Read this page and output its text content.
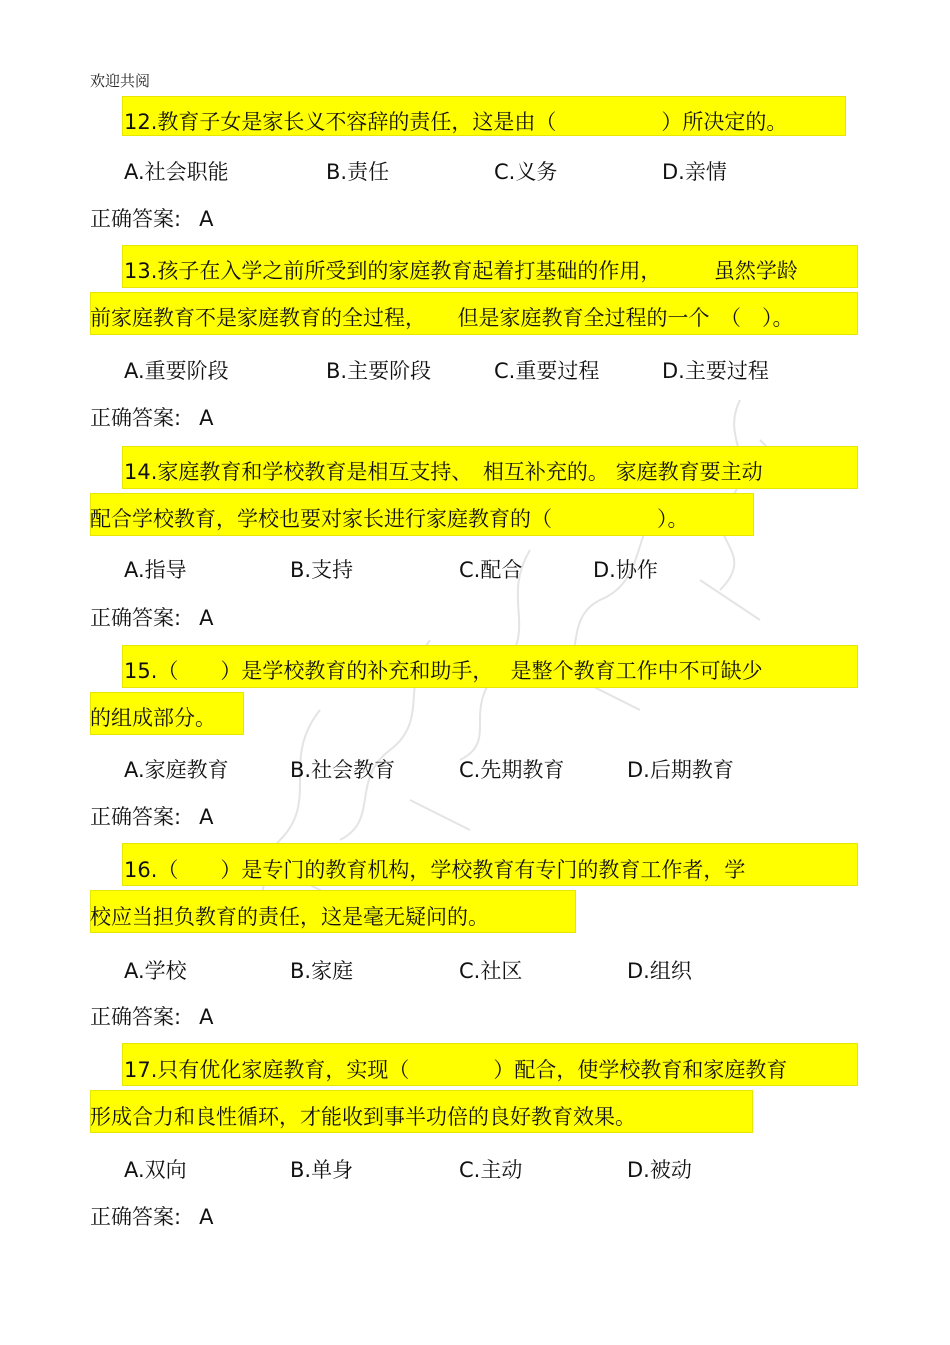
欢迎共阅
12.教育子女是家长义不容辞的责任，这是由（　　　　　）所决定的。
A.社会职能	B.责任	C.义务	D.亲情
正确答案: A
13.孩子在入学之前所受到的家庭教育起着打基础的作用，　　　虽然学龄
前家庭教育不是家庭教育的全过程，　　但是家庭教育全过程的一个　（　）。
A.重要阶段	B.主要阶段	C.重要过程	D.主要过程
正确答案: A
14.家庭教育和学校教育是相互支持、　相互补充的。 家庭教育要主动
配合学校教育，学校也要对家长进行家庭教育的（　　　　　）。
A.指导	B.支持	C.配合	D.协作
正确答案: A
15.（　　）是学校教育的补充和助手，　 是整个教育工作中不可缺少
的组成部分。
A.家庭教育	B.社会教育	C.先期教育	D.后期教育
正确答案: A
16.（　　）是专门的教育机构，学校教育有专门的教育工作者，学
校应当担负教育的责任，这是毫无疑问的。
A.学校	B.家庭	C.社区	D.组织
正确答案: A
17.只有优化家庭教育，实现（　　　　）配合，使学校教育和家庭教育
形成合力和良性循环，才能收到事半功倍的良好教育效果。
A.双向	B.单身	C.主动	D.被动
正确答案: A
